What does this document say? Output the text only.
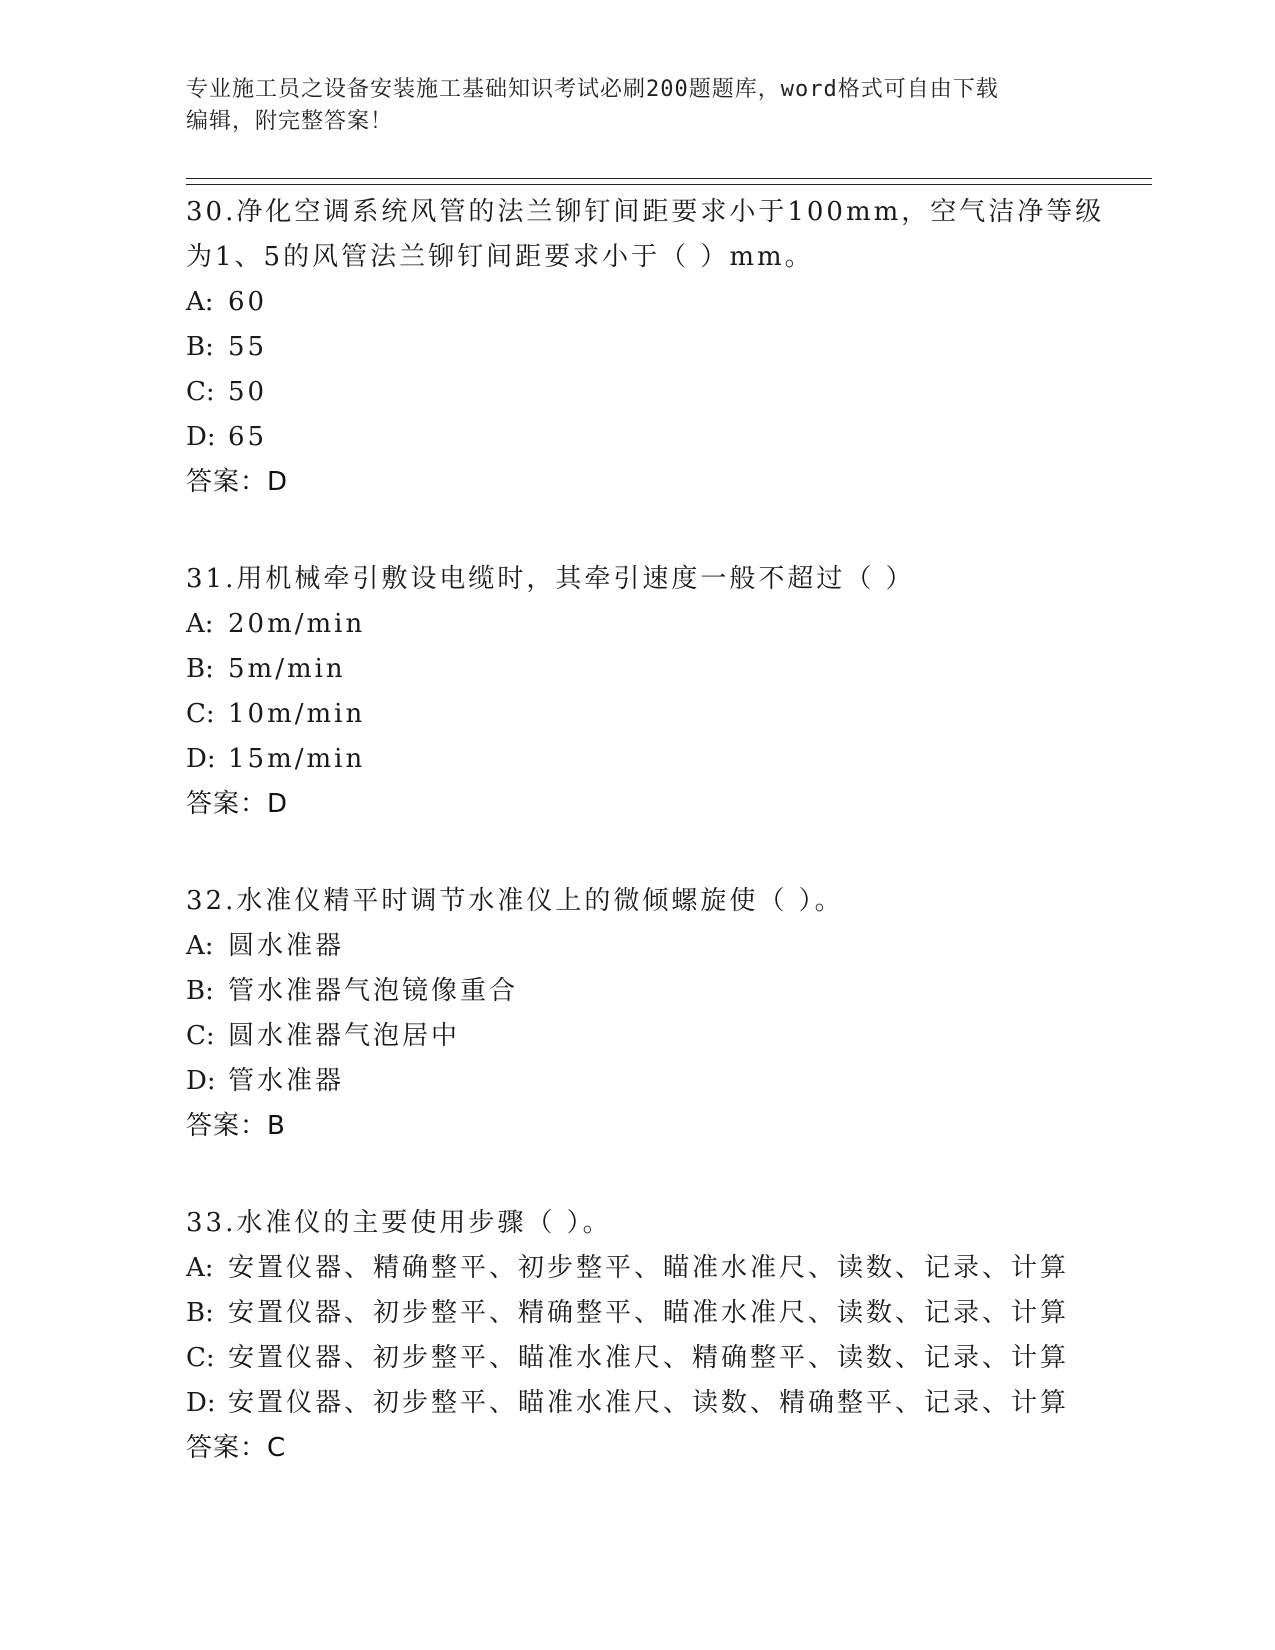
专业施工员之设备安装施工基础知识考试必刷200题题库，word格式可自由下载
编辑，附完整答案！
30.净化空调系统风管的法兰铆钉间距要求小于100mm，空气洁净等级
为1、5的风管法兰铆钉间距要求小于（ ）mm。
A: 60
B: 55
C: 50
D: 65
答案：D
31.用机械牵引敷设电缆时，其牵引速度一般不超过（ ）
A: 20m/min
B: 5m/min
C: 10m/min
D: 15m/min
答案：D
32.水准仪精平时调节水准仪上的微倾螺旋使（ ）。
A: 圆水准器
B: 管水准器气泡镜像重合
C: 圆水准器气泡居中
D: 管水准器
答案：B
33.水准仪的主要使用步骤（ ）。
A: 安置仪器、精确整平、初步整平、瞄准水准尺、读数、记录、计算
B: 安置仪器、初步整平、精确整平、瞄准水准尺、读数、记录、计算
C: 安置仪器、初步整平、瞄准水准尺、精确整平、读数、记录、计算
D: 安置仪器、初步整平、瞄准水准尺、读数、精确整平、记录、计算
答案：C
